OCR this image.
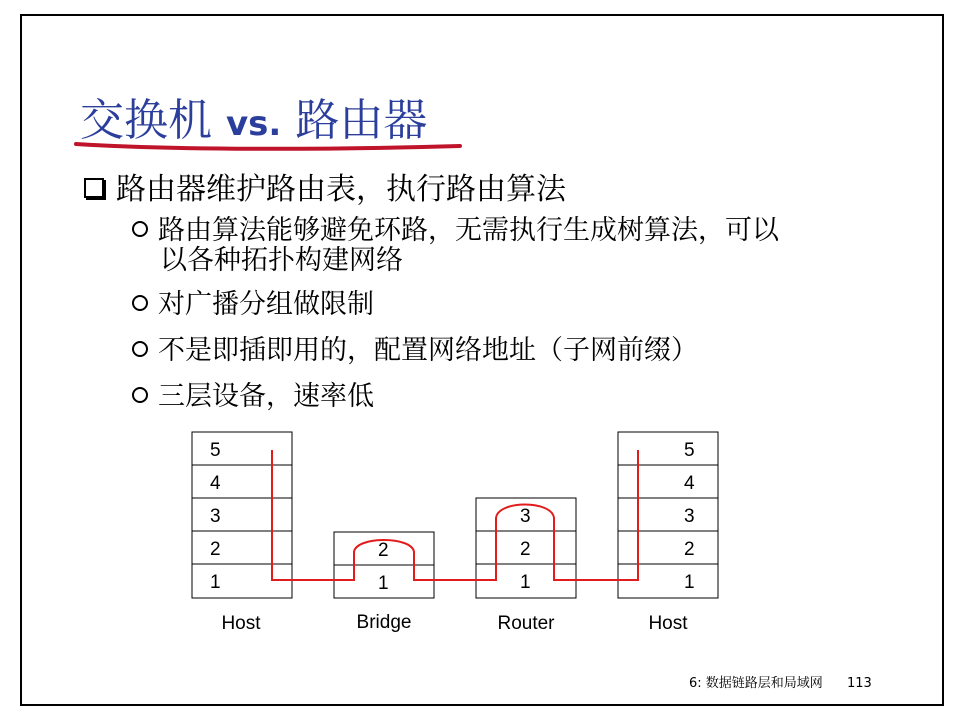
交换机 vs. 路由器
路由器维护路由表，执行路由算法
路由算法能够避免环路，无需执行生成树算法，可以
以各种拓扑构建网络
对广播分组做限制
不是即插即用的，配置网络地址（子网前缀）
三层设备，速率低
5
4
3
2
1
2
1
3
2
1
5
4
3
2
1
Host	Bridge	Router	Host
6: 数据链路层和局域网 113
